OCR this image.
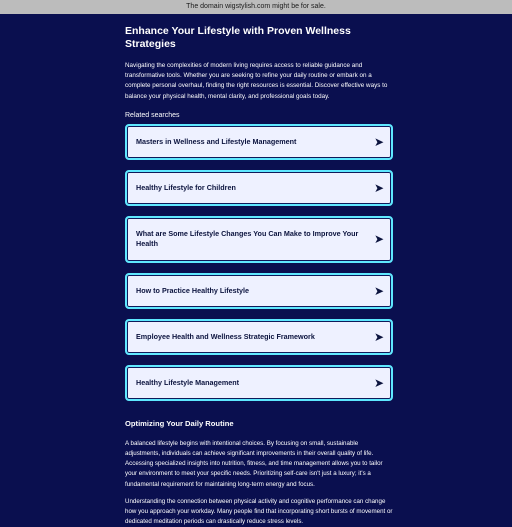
The domain wigstylish.com might be for sale.
Enhance Your Lifestyle with Proven Wellness Strategies

Navigating the complexities of modern living requires access to reliable guidance and transformative tools. Whether you are seeking to refine your daily routine or embark on a complete personal overhaul, finding the right resources is essential. Discover effective ways to balance your physical health, mental clarity, and professional goals today.

Related searches
Masters in Wellness and Lifestyle Management	➤
Healthy Lifestyle for Children	➤
What are Some Lifestyle Changes You Can Make to Improve Your Health	➤
How to Practice Healthy Lifestyle	➤
Employee Health and Wellness Strategic Framework	➤
Healthy Lifestyle Management	➤
Optimizing Your Daily Routine

A balanced lifestyle begins with intentional choices. By focusing on small, sustainable adjustments, individuals can achieve significant improvements in their overall quality of life. Accessing specialized insights into nutrition, fitness, and time management allows you to tailor your environment to meet your specific needs. Prioritizing self-care isn't just a luxury; it's a fundamental requirement for maintaining long-term energy and focus.

Understanding the connection between physical activity and cognitive performance can change how you approach your workday. Many people find that incorporating short bursts of movement or dedicated meditation periods can drastically reduce stress levels.
